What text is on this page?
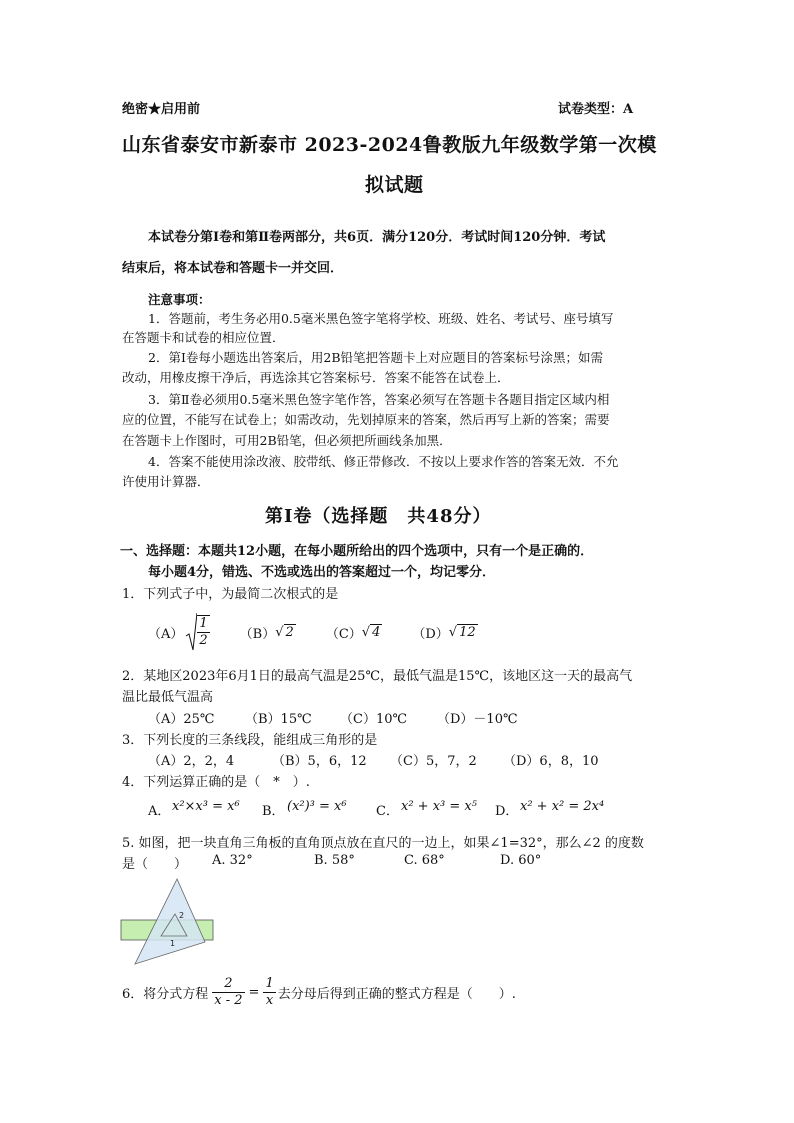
绝密★启用前	试卷类型：A
山东省泰安市新泰市 2023-2024鲁教版九年级数学第一次模
拟试题
本试卷分第Ⅰ卷和第Ⅱ卷两部分，共6页．满分120分．考试时间120分钟．考试
结束后，将本试卷和答题卡一并交回．
注意事项：
1．答题前，考生务必用0.5毫米黑色签字笔将学校、班级、姓名、考试号、座号填写
在答题卡和试卷的相应位置．
2．第Ⅰ卷每小题选出答案后，用2B铅笔把答题卡上对应题目的答案标号涂黑；如需
改动，用橡皮擦干净后，再选涂其它答案标号．答案不能答在试卷上．
3．第Ⅱ卷必须用0.5毫米黑色签字笔作答，答案必须写在答题卡各题目指定区域内相
应的位置，不能写在试卷上；如需改动，先划掉原来的答案，然后再写上新的答案；需要
在答题卡上作图时，可用2B铅笔，但必须把所画线条加黑．
4．答案不能使用涂改液、胶带纸、修正带修改．不按以上要求作答的答案无效．不允
许使用计算器．
第Ⅰ卷（选择题　共48分）
一、选择题：本题共12小题，在每小题所给出的四个选项中，只有一个是正确的．
每小题4分，错选、不选或选出的答案超过一个，均记零分．
1．下列式子中，为最简二次根式的是
$(A) \frac{1}{2} (B)$ √ 2 （C） √ 4 （D） √ 12
2．某地区2023年6月1日的最高气温是25℃，最低气温是15℃，该地区这一天的最高气
温比最低气温高
（A）25℃ （B）15℃ （C）10℃ （D）－10℃
3．下列长度的三条线段，能组成三角形的是
（A）2，2，4	（B）5，6，12 （C）5，7，2 （D）6，8，10
4．下列运算正确的是（　*　）.
A． x²×x³ = x⁶ B． (x²)³ = x⁶ C． x² + x³ = x⁵ D． x² + x² = 2x⁴
5. 如图，把一块直角三角板的直角顶点放在直尺的一边上，如果∠1=32°，那么∠2 的度数
是（　　） A. 32°	B. 58°	C. 68°	D. 60°
2
1
6．将分式方程 $\frac{2}{x - 2} = \frac{1}{x}$ 去分母后得到正确的整式方程是（　　）.
